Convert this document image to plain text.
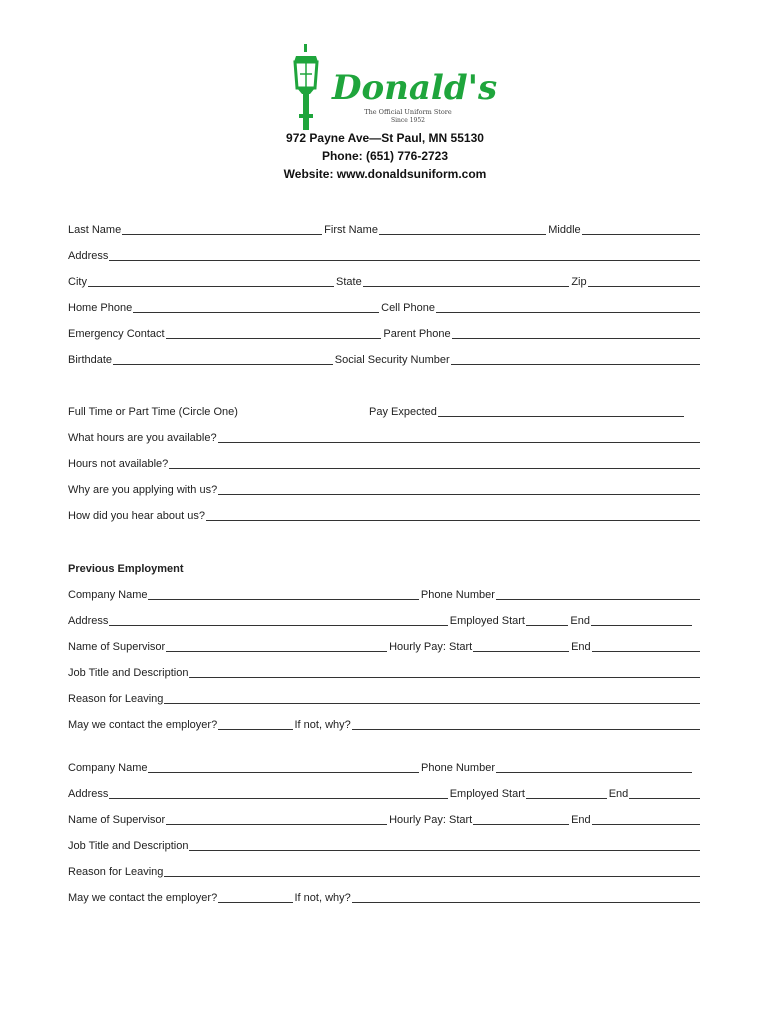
Donald's
The Official Uniform Store
Since 1952
972 Payne Ave—St Paul, MN 55130
Phone: (651) 776-2723
Website: www.donaldsuniform.com
Last Name	First Name	Middle
Address
City	State	Zip
Home Phone	Cell Phone
Emergency Contact	Parent Phone
Birthdate	Social Security Number
Full Time or Part Time (Circle One)	Pay Expected
What hours are you available?
Hours not available?
Why are you applying with us?
How did you hear about us?
Previous Employment
Company Name	Phone Number
Address	Employed Start	End
Name of Supervisor	Hourly Pay: Start	End
Job Title and Description
Reason for Leaving
May we contact the employer?	If not, why?
Company Name	Phone Number
Address	Employed Start	End
Name of Supervisor	Hourly Pay: Start	End
Job Title and Description
Reason for Leaving
May we contact the employer?	If not, why?
